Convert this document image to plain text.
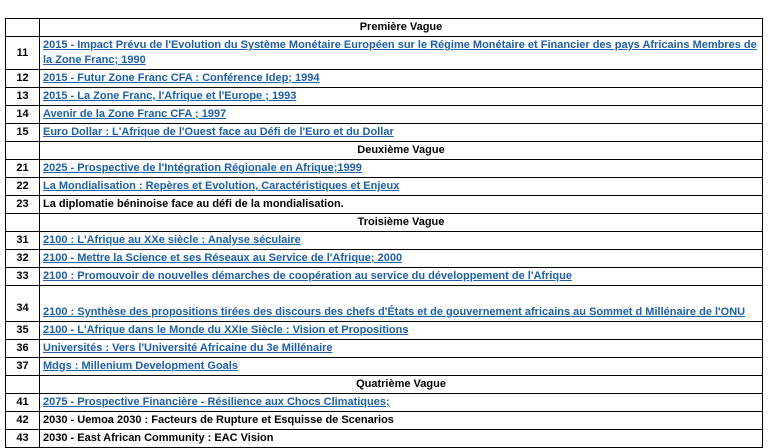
	Première Vague
11	2015 - Impact Prévu de l'Evolution du Système Monétaire Européen sur le Régime Monétaire et Financier des pays Africains Membres de la Zone Franc; 1990
12	2015 - Futur Zone Franc CFA : Conférence Idep; 1994
13	2015 - La Zone Franc, l'Afrique et l'Europe ; 1993
14	Avenir de la Zone Franc CFA ; 1997
15	Euro Dollar : L'Afrique de l'Ouest face au Défi de l'Euro et du Dollar
	Deuxième Vague
21	2025 - Prospective de l'Intégration Régionale en Afrique;1999
22	La Mondialisation : Repères et Evolution, Caractéristiques et Enjeux
23	La diplomatie béninoise face au défi de la mondialisation.
	Troisième Vague
31	2100 : L'Afrique au XXe siècle : Analyse séculaire
32	2100 - Mettre la Science et ses Réseaux au Service de l'Afrique; 2000
33	2100 : Promouvoir de nouvelles démarches de coopération au service du développement de l'Afrique
34	2100 : Synthèse des propositions tirées des discours des chefs d'États et de gouvernement africains au Sommet d Millénaire de l'ONU
35	2100 - L'Afrique dans le Monde du XXIe Siècle : Vision et Propositions
36	Universités : Vers l'Université Africaine du 3e Millénaire
37	Mdgs : Millenium Development Goals
	Quatrième Vague
41	2075 - Prospective Financière - Résilience aux Chocs Climatiques;
42	2030 - Uemoa 2030 : Facteurs de Rupture et Esquisse de Scenarios
43	2030 - East African Community : EAC Vision
